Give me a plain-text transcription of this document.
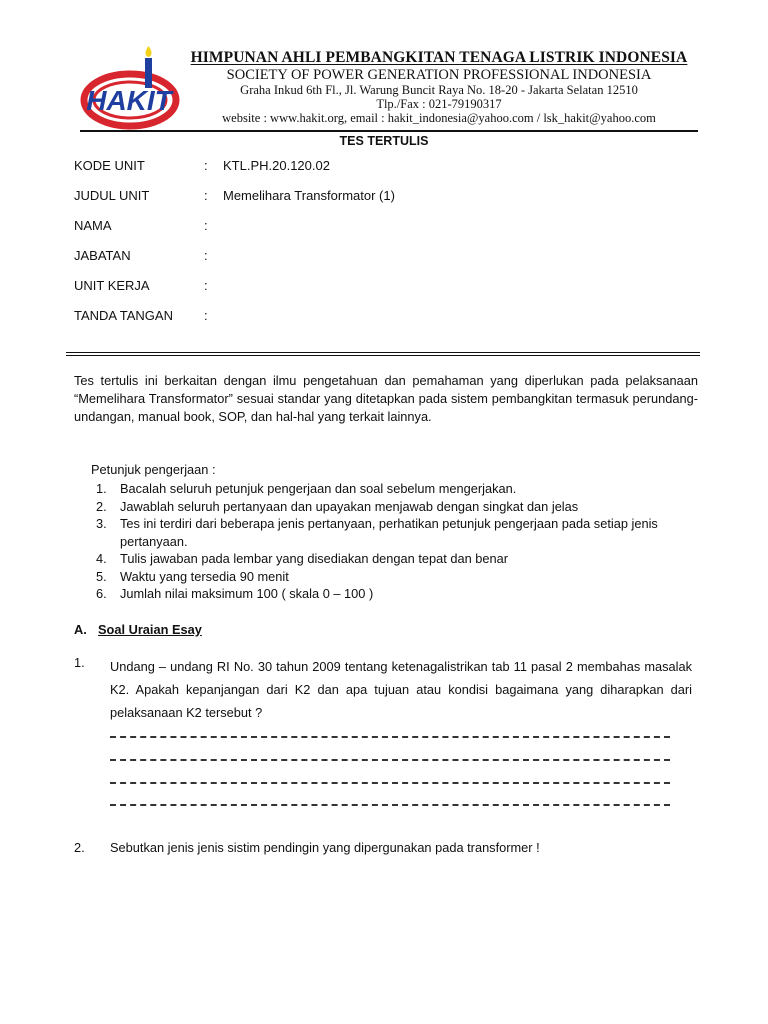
HAKIT
HIMPUNAN AHLI PEMBANGKITAN TENAGA LISTRIK INDONESIA
SOCIETY OF POWER GENERATION PROFESSIONAL INDONESIA
Graha Inkud 6th Fl., Jl. Warung Buncit Raya No. 18-20 - Jakarta Selatan 12510
Tlp./Fax : 021-79190317
website : www.hakit.org, email : hakit_indonesia@yahoo.com / lsk_hakit@yahoo.com
TES TERTULIS
KODE UNIT	: KTL.PH.20.120.02
JUDUL UNIT	: Memelihara Transformator (1)
NAMA	:
JABATAN	:
UNIT KERJA	:
TANDA TANGAN	:
Tes tertulis ini berkaitan dengan ilmu pengetahuan dan pemahaman yang diperlukan pada pelaksanaan “Memelihara Transformator” sesuai standar yang ditetapkan pada sistem pembangkitan termasuk perundang-undangan, manual book, SOP, dan hal-hal yang terkait lainnya.
Petunjuk pengerjaan :
1. Bacalah seluruh petunjuk pengerjaan dan soal sebelum mengerjakan.
2. Jawablah seluruh pertanyaan dan upayakan menjawab dengan singkat dan jelas
3. Tes ini terdiri dari beberapa jenis pertanyaan, perhatikan petunjuk pengerjaan pada setiap jenis pertanyaan.
4. Tulis jawaban pada lembar yang disediakan dengan tepat dan benar
5. Waktu yang tersedia 90 menit
6. Jumlah nilai maksimum 100 ( skala 0 – 100 )
A. Soal Uraian Esay
1. Undang – undang RI No. 30 tahun 2009 tentang ketenagalistrikan tab 11 pasal 2 membahas masalak K2. Apakah kepanjangan dari K2 dan apa tujuan atau kondisi bagaimana yang diharapkan dari pelaksanaan K2 tersebut ?
2. Sebutkan jenis jenis sistim pendingin yang dipergunakan pada transformer !
